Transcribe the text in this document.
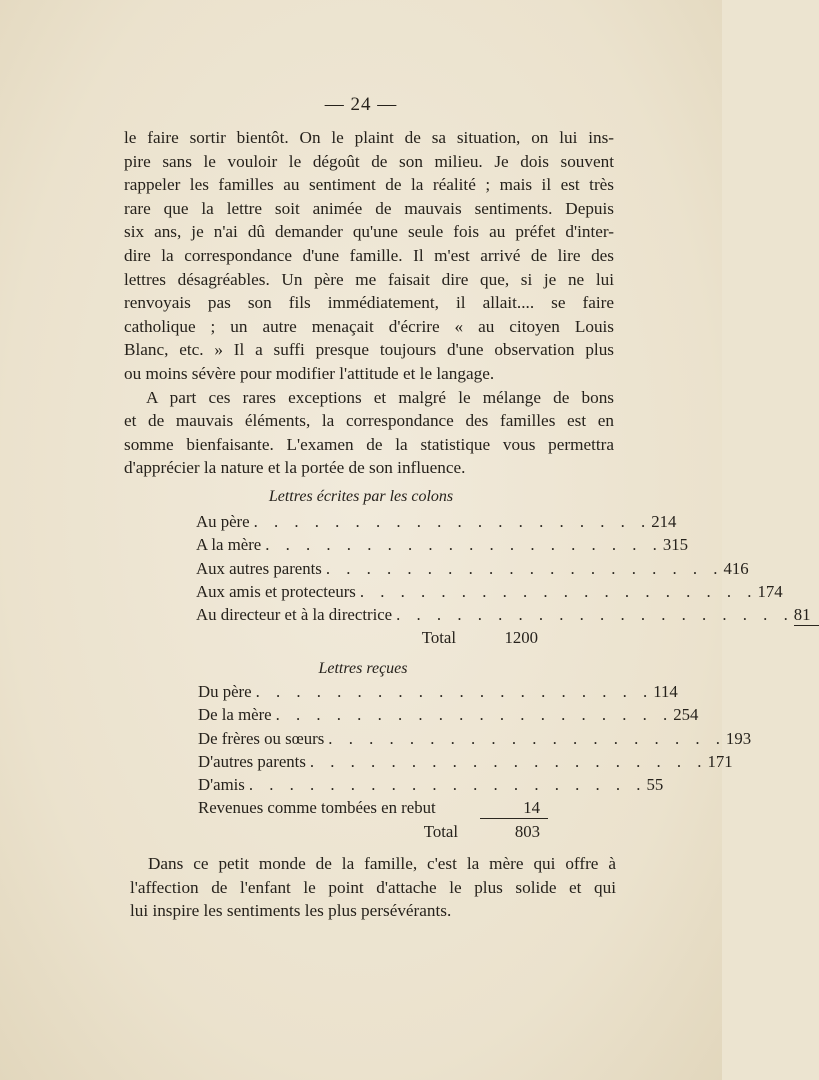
— 24 —

le faire sortir bientôt. On le plaint de sa situation, on lui ins-
pire sans le vouloir le dégoût de son milieu. Je dois souvent
rappeler les familles au sentiment de la réalité ; mais il est très
rare que la lettre soit animée de mauvais sentiments. Depuis
six ans, je n'ai dû demander qu'une seule fois au préfet d'inter-
dire la correspondance d'une famille. Il m'est arrivé de lire des
lettres désagréables. Un père me faisait dire que, si je ne lui
renvoyais pas son fils immédiatement, il allait.... se faire
catholique ; un autre menaçait d'écrire « au citoyen Louis
Blanc, etc. » Il a suffi presque toujours d'une observation plus
ou moins sévère pour modifier l'attitude et le langage.

A part ces rares exceptions et malgré le mélange de bons
et de mauvais éléments, la correspondance des familles est en
somme bienfaisante. L'examen de la statistique vous permettra
d'apprécier la nature et la portée de son influence.

Lettres écrites par les colons
Au père . . . . . . . . . . . . . . . . . . . . 214
A la mère . . . . . . . . . . . . . . . . . . . . 315
Aux autres parents . . . . . . . . . . . . . . . . . . . . 416
Aux amis et protecteurs . . . . . . . . . . . . . . . . . . . . 174
Au directeur et à la directrice . . . . . . . . . . . . . . . . . . . . 81
Total	1200
Lettres reçues
Du père . . . . . . . . . . . . . . . . . . . . 114
De la mère . . . . . . . . . . . . . . . . . . . . 254
De frères ou sœurs . . . . . . . . . . . . . . . . . . . . 193
D'autres parents . . . . . . . . . . . . . . . . . . . . 171
D'amis . . . . . . . . . . . . . . . . . . . . 55
Revenues comme tombées en rebut	14
Total	803

Dans ce petit monde de la famille, c'est la mère qui offre à
l'affection de l'enfant le point d'attache le plus solide et qui
lui inspire les sentiments les plus persévérants.
